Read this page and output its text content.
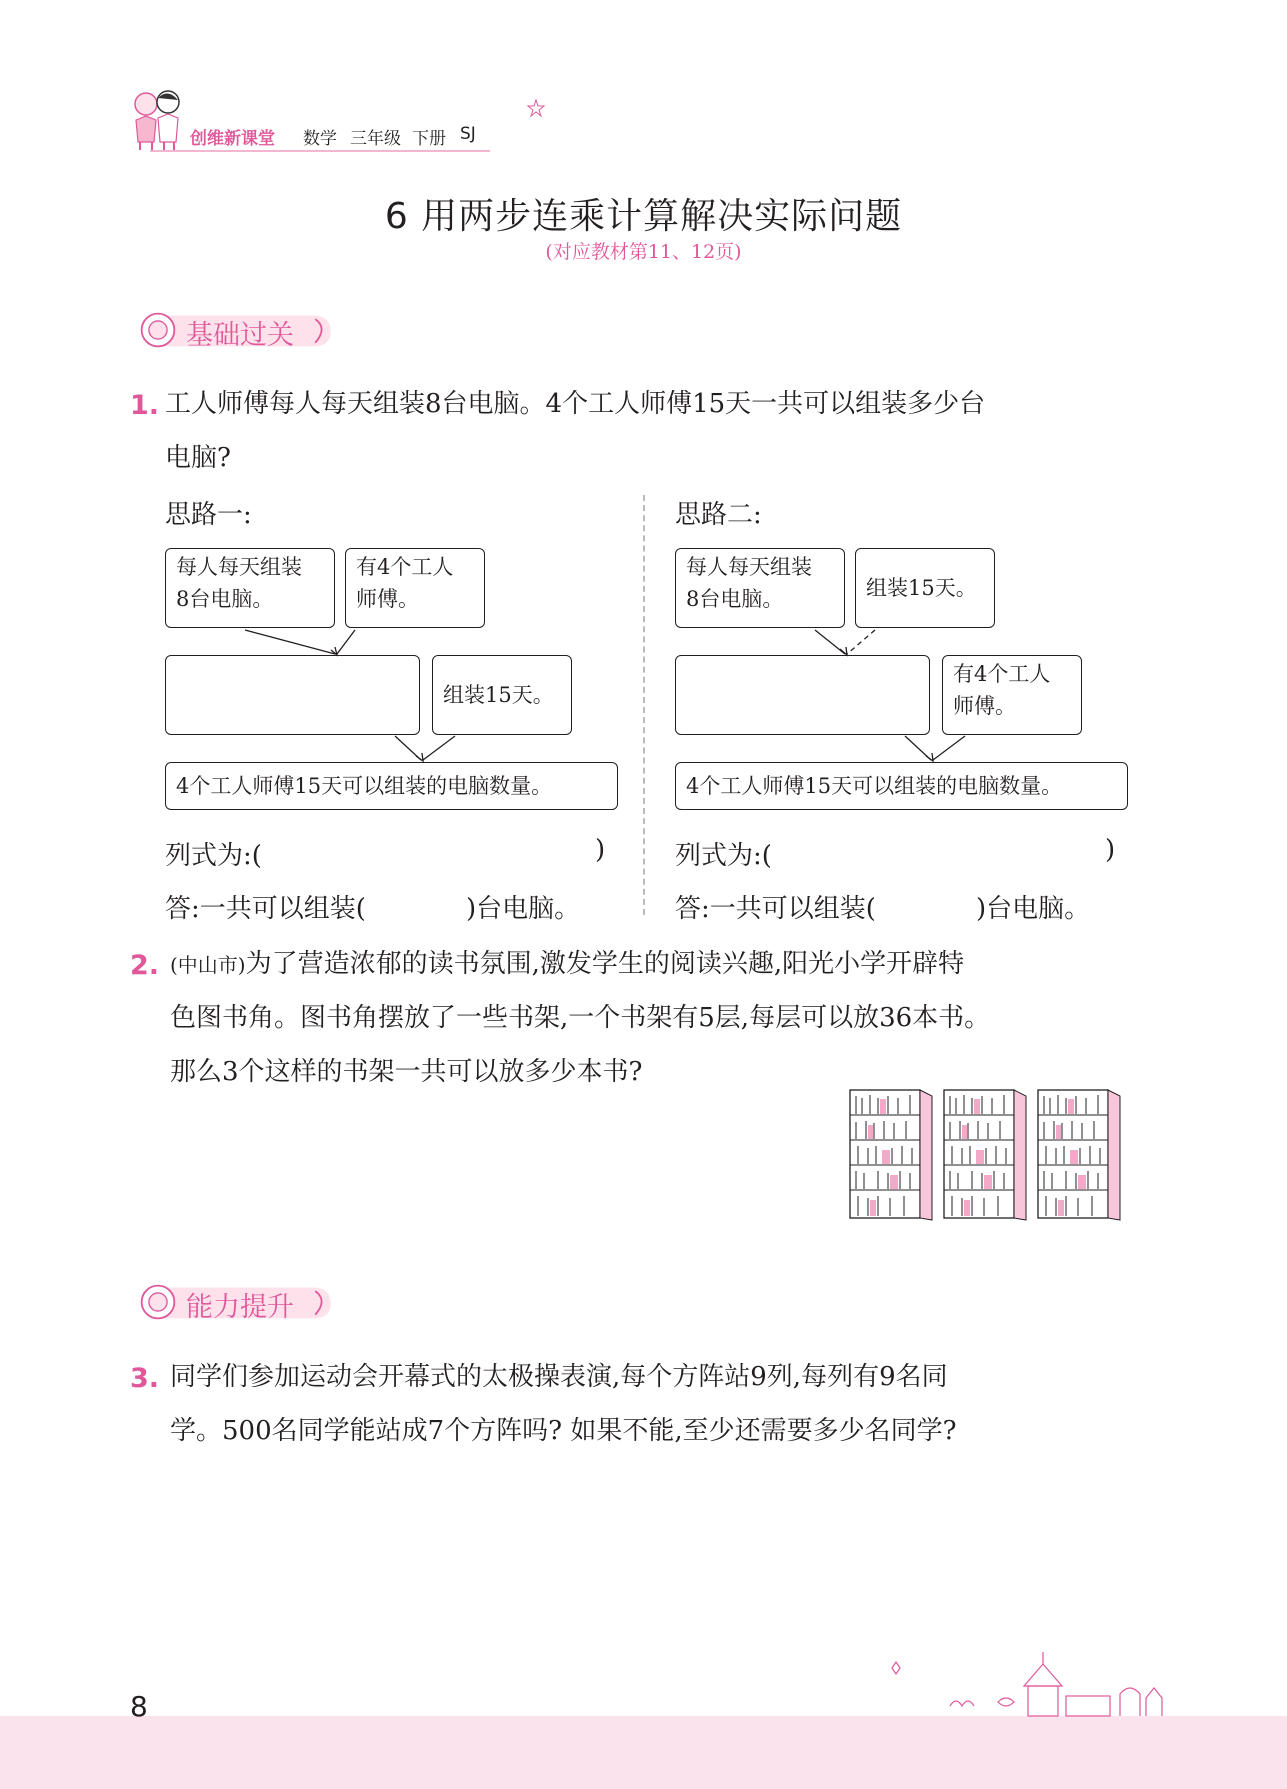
创维新课堂 数学 三年级 下册 SJ
6 用两步连乘计算解决实际问题
(对应教材第11、12页)
基础过关
1. 工人师傅每人每天组装8台电脑。4个工人师傅15天一共可以组装多少台
电脑?
思路一:
每人每天组装
8台电脑。
有4个工人
师傅。
组装15天。
4个工人师傅15天可以组装的电脑数量。
列式为:(	)
答:一共可以组装(	)台电脑。
思路二:
每人每天组装
8台电脑。	组装15天。
有4个工人
师傅。
4个工人师傅15天可以组装的电脑数量。
列式为:(	)
答:一共可以组装(	)台电脑。
2. (中山市)为了营造浓郁的读书氛围,激发学生的阅读兴趣,阳光小学开辟特
色图书角。图书角摆放了一些书架,一个书架有5层,每层可以放36本书。
那么3个这样的书架一共可以放多少本书?
能力提升
3. 同学们参加运动会开幕式的太极操表演,每个方阵站9列,每列有9名同
学。500名同学能站成7个方阵吗? 如果不能,至少还需要多少名同学?
8
